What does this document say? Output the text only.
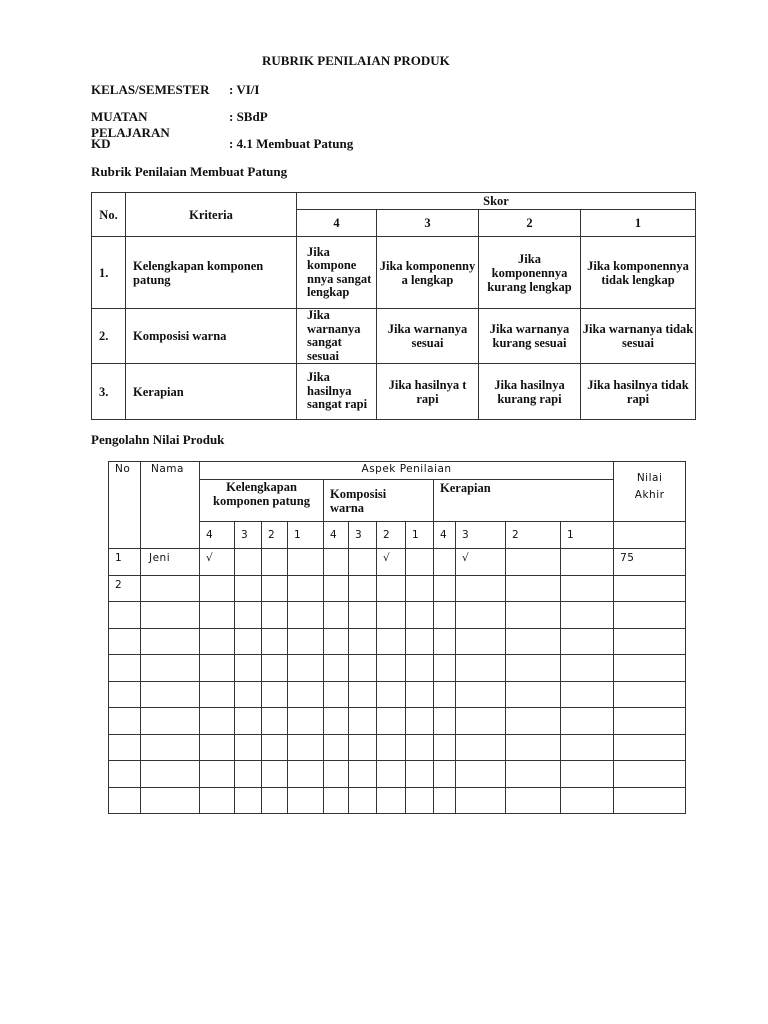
RUBRIK PENILAIAN PRODUK
KELAS/SEMESTER : VI/I
MUATAN PELAJARAN
: SBdP
KD	: 4.1 Membuat Patung
Rubrik Penilaian Membuat Patung
No.	Kriteria	Skor			
		4	3	2	1
1.	Kelengkapan komponen patung	Jika kompone nnya sangat lengkap	Jika komponenny a lengkap	Jika komponennya kurang lengkap	Jika komponennya tidak lengkap
2.	Komposisi warna	Jika warnanya sangat sesuai	Jika warnanya sesuai	Jika warnanya kurang sesuai	Jika warnanya tidak sesuai
3.	Kerapian	Jika hasilnya sangat rapi	Jika hasilnya t rapi	Jika hasilnya kurang rapi	Jika hasilnya tidak rapi
Pengolahn Nilai Produk
No	Nama	Aspek Penilaian												Nilai Akhir
		Kelengkapan komponen patung				Komposisi warna				Kerapian				
		4	3	2	1	4	3	2	1	4	3	2	1	
1	Jeni	√						√			√			75
2														
